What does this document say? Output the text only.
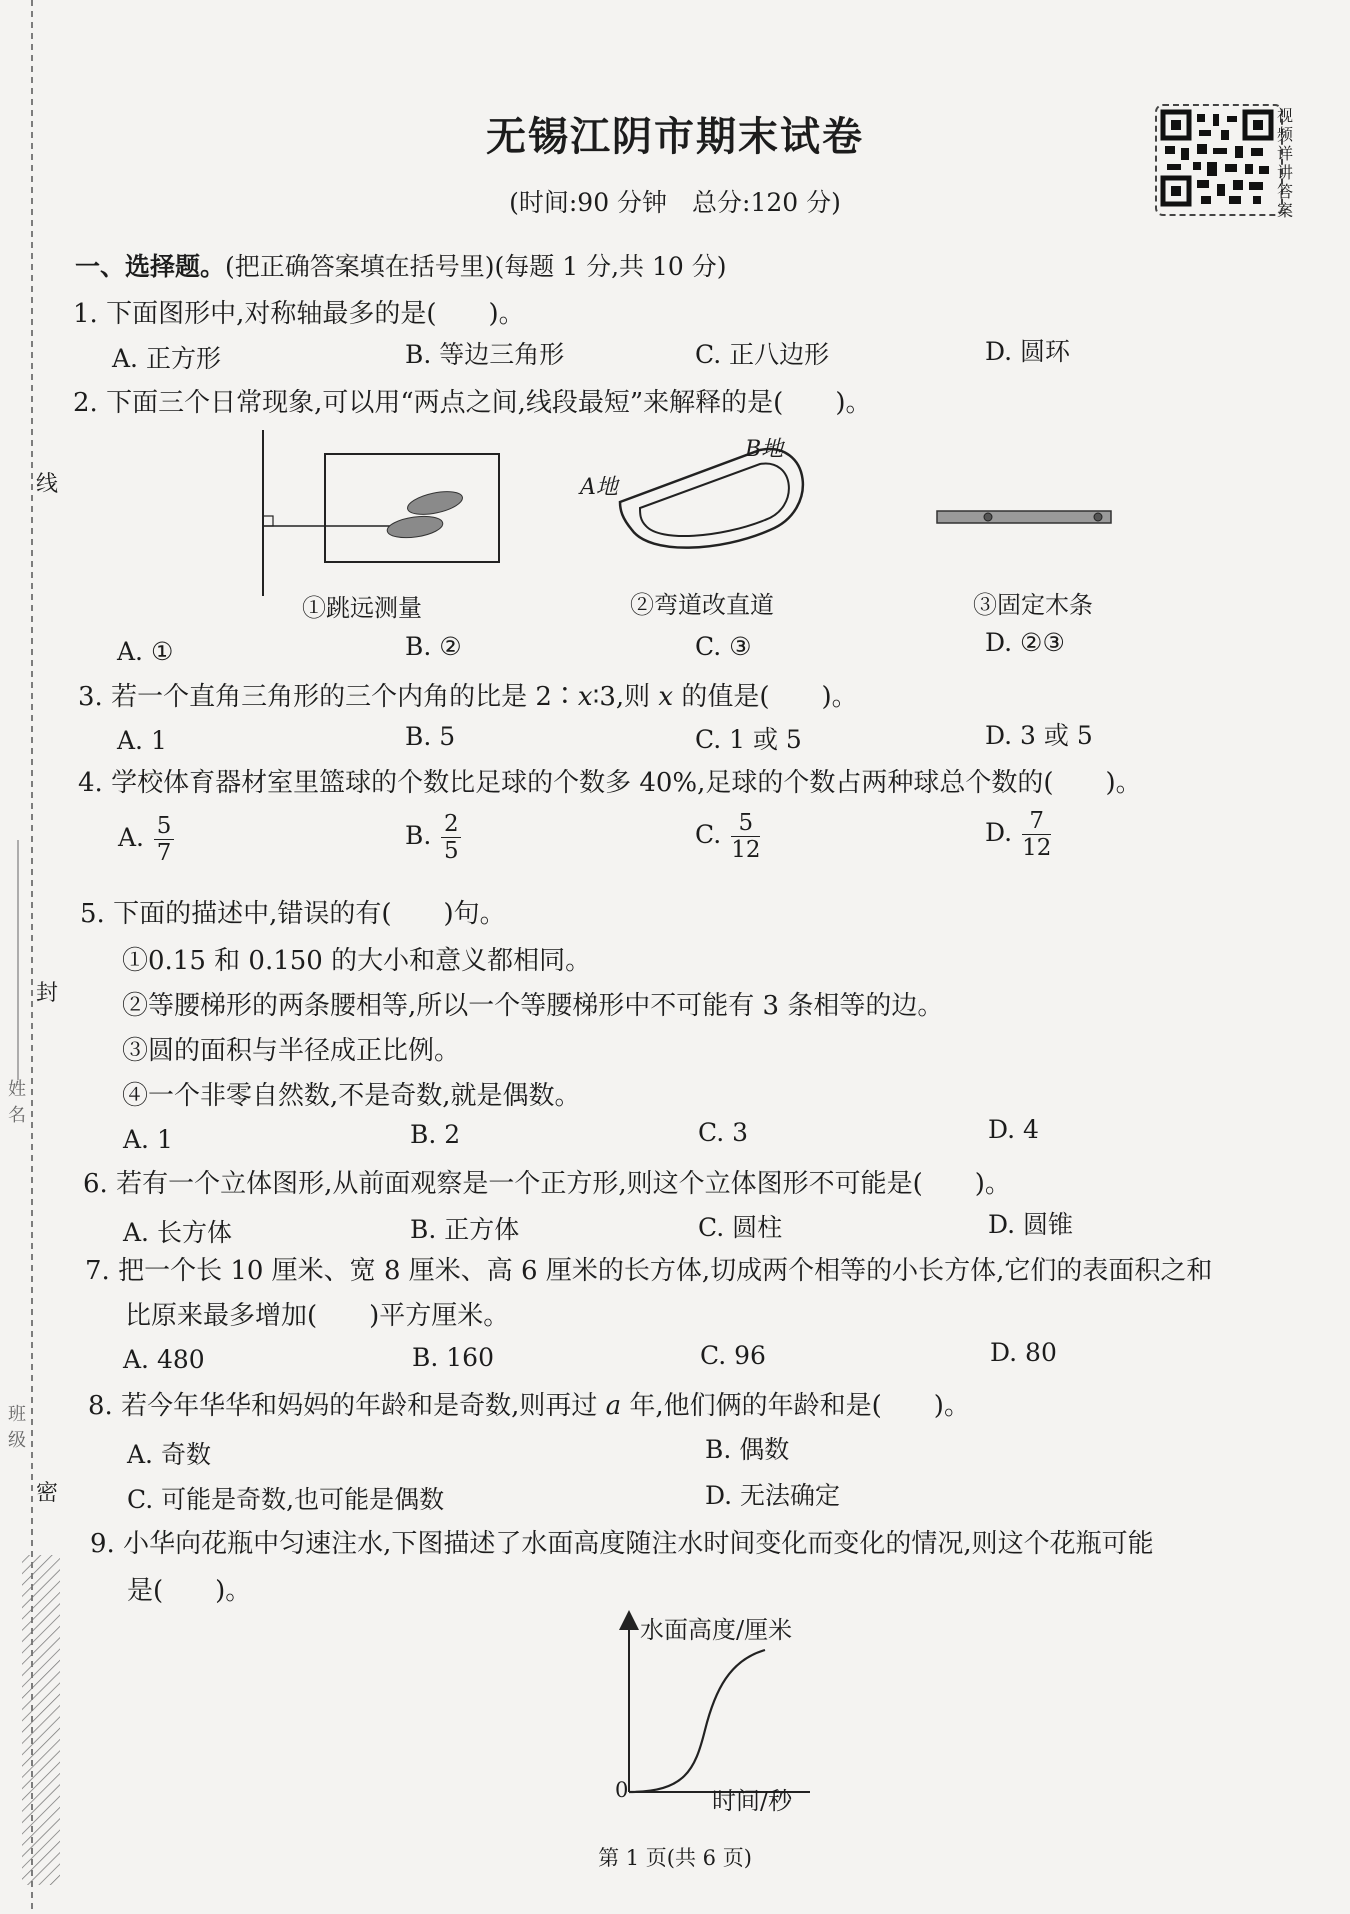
线
封
密
姓名
班级
无锡江阴市期末试卷
(时间:90 分钟　总分:120 分)
视频详讲答案
一、选择题。(把正确答案填在括号里)(每题 1 分,共 10 分)
1. 下面图形中,对称轴最多的是(　　)。
A. 正方形	B. 等边三角形	C. 正八边形	D. 圆环
2. 下面三个日常现象,可以用“两点之间,线段最短”来解释的是(　　)。
①跳远测量
A地
B地
②弯道改直道	③固定木条
A. ①	B. ②	C. ③	D. ②③
3. 若一个直角三角形的三个内角的比是 2∶x∶3,则 x 的值是(　　)。
A. 1	B. 5	C. 1 或 5	D. 3 或 5
4. 学校体育器材室里篮球的个数比足球的个数多 40%,足球的个数占两种球总个数的(　　)。
A. $\frac{5}{7}$	B. $\frac{2}{5}$	C. $\frac{5}{12}$	D. $\frac{7}{12}$
5. 下面的描述中,错误的有(　　)句。
①0.15 和 0.150 的大小和意义都相同。
②等腰梯形的两条腰相等,所以一个等腰梯形中不可能有 3 条相等的边。
③圆的面积与半径成正比例。
④一个非零自然数,不是奇数,就是偶数。
A. 1	B. 2	C. 3	D. 4
6. 若有一个立体图形,从前面观察是一个正方形,则这个立体图形不可能是(　　)。
A. 长方体	B. 正方体	C. 圆柱	D. 圆锥
7. 把一个长 10 厘米、宽 8 厘米、高 6 厘米的长方体,切成两个相等的小长方体,它们的表面积之和
比原来最多增加(　　)平方厘米。
A. 480	B. 160	C. 96	D. 80
8. 若今年华华和妈妈的年龄和是奇数,则再过 a 年,他们俩的年龄和是(　　)。
A. 奇数	B. 偶数
C. 可能是奇数,也可能是偶数	D. 无法确定
9. 小华向花瓶中匀速注水,下图描述了水面高度随注水时间变化而变化的情况,则这个花瓶可能
是(　　)。
水面高度/厘米
0	时间/秒
第 1 页(共 6 页)
